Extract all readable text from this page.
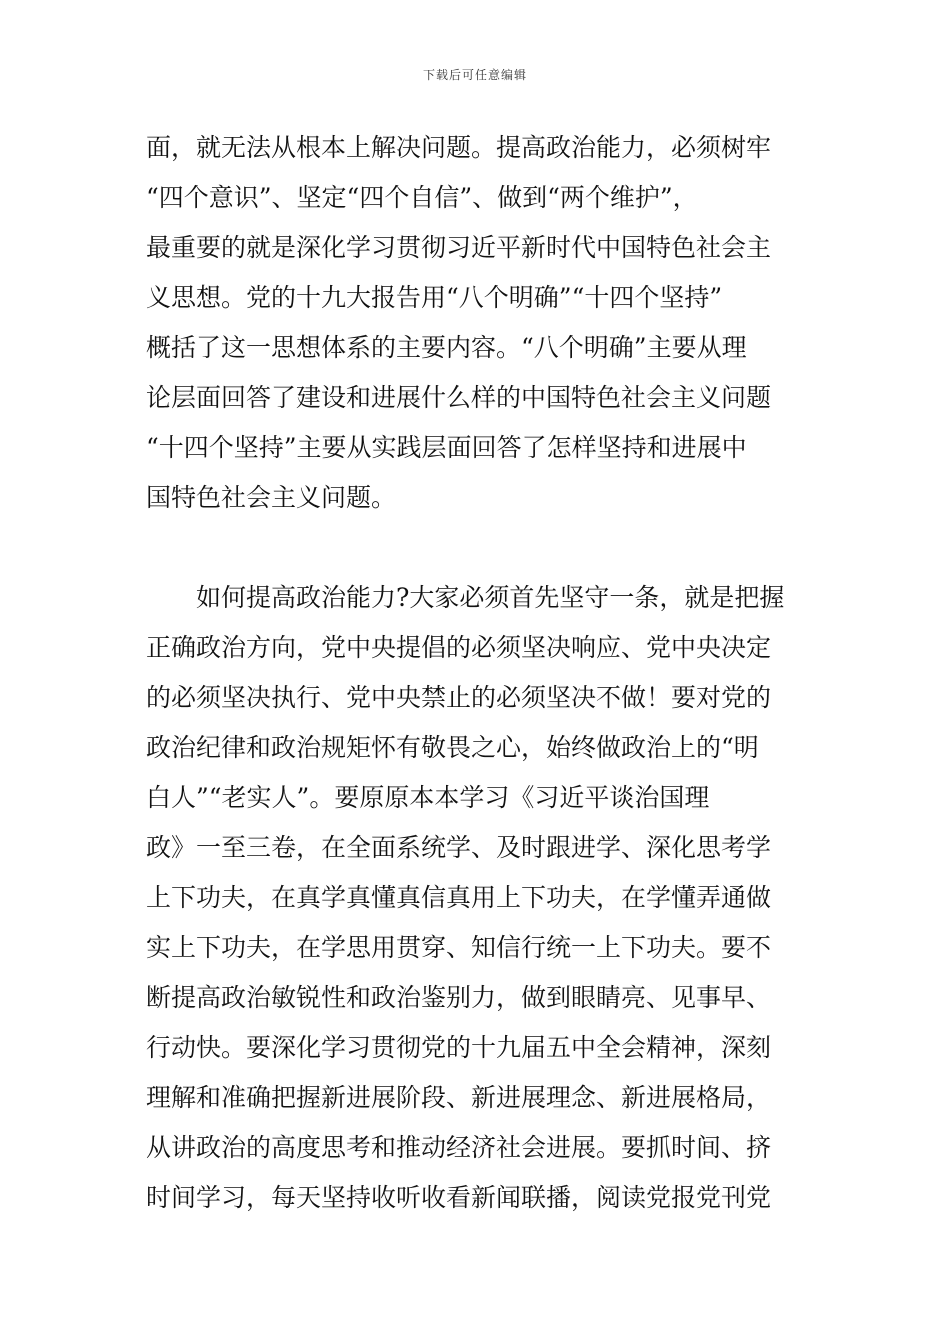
下载后可任意编辑
面，就无法从根本上解决问题。提高政治能力，必须树牢
“四个意识”、坚定“四个自信”、做到“两个维护”，
最重要的就是深化学习贯彻习近平新时代中国特色社会主
义思想。党的十九大报告用“八个明确”“十四个坚持”
概括了这一思想体系的主要内容。“八个明确”主要从理
论层面回答了建设和进展什么样的中国特色社会主义问题
“十四个坚持”主要从实践层面回答了怎样坚持和进展中
国特色社会主义问题。
　　如何提高政治能力?大家必须首先坚守一条，就是把握
正确政治方向，党中央提倡的必须坚决响应、党中央决定
的必须坚决执行、党中央禁止的必须坚决不做！要对党的
政治纪律和政治规矩怀有敬畏之心，始终做政治上的“明
白人”“老实人”。要原原本本学习《习近平谈治国理
政》一至三卷，在全面系统学、及时跟进学、深化思考学
上下功夫，在真学真懂真信真用上下功夫，在学懂弄通做
实上下功夫，在学思用贯穿、知信行统一上下功夫。要不
断提高政治敏锐性和政治鉴别力，做到眼睛亮、见事早、
行动快。要深化学习贯彻党的十九届五中全会精神，深刻
理解和准确把握新进展阶段、新进展理念、新进展格局，
从讲政治的高度思考和推动经济社会进展。要抓时间、挤
时间学习，每天坚持收听收看新闻联播，阅读党报党刊党
